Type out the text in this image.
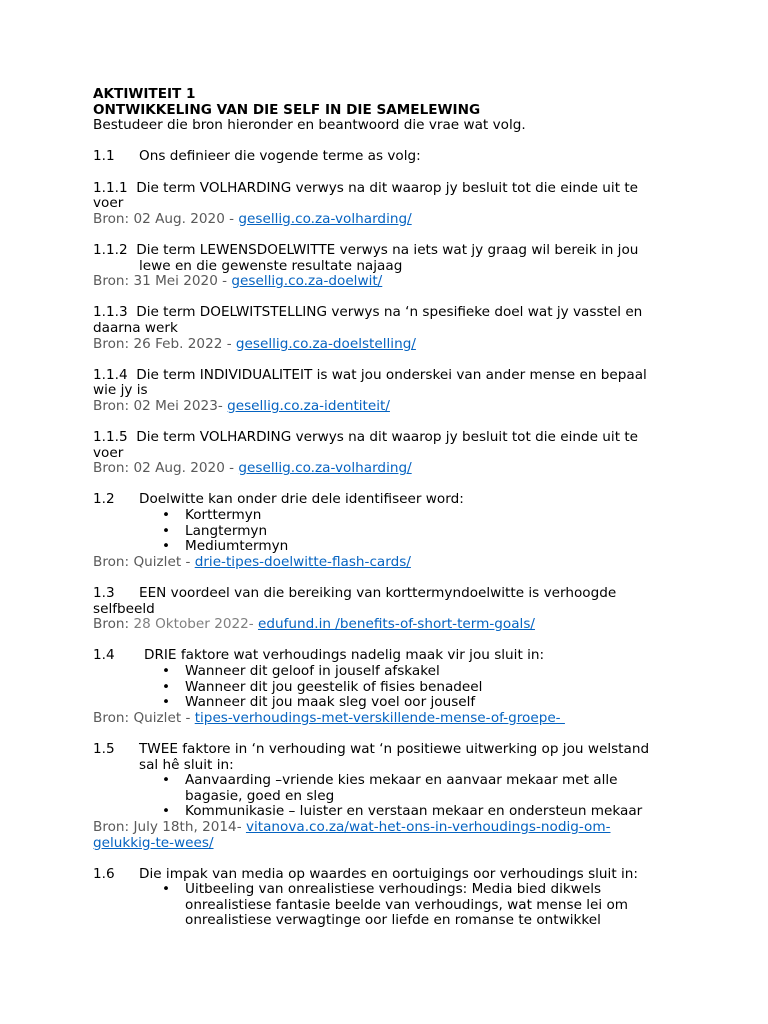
AKTIWITEIT 1
ONTWIKKELING VAN DIE SELF IN DIE SAMELEWING
Bestudeer die bron hieronder en beantwoord die vrae wat volg.
1.1	Ons definieer die vogende terme as volg:
1.1.1 Die term VOLHARDING verwys na dit waarop jy besluit tot die einde uit te
voer
Bron: 02 Aug. 2020 - gesellig.co.za-volharding/
1.1.2 Die term LEWENSDOELWITTE verwys na iets wat jy graag wil bereik in jou
lewe en die gewenste resultate najaag
Bron: 31 Mei 2020 - gesellig.co.za-doelwit/
1.1.3 Die term DOELWITSTELLING verwys na ‘n spesifieke doel wat jy vasstel en
daarna werk
Bron: 26 Feb. 2022 - gesellig.co.za-doelstelling/
1.1.4 Die term INDIVIDUALITEIT is wat jou onderskei van ander mense en bepaal
wie jy is
Bron: 02 Mei 2023- gesellig.co.za-identiteit/
1.1.5 Die term VOLHARDING verwys na dit waarop jy besluit tot die einde uit te
voer
Bron: 02 Aug. 2020 - gesellig.co.za-volharding/
1.2	Doelwitte kan onder drie dele identifiseer word:
• Korttermyn
• Langtermyn
• Mediumtermyn
Bron: Quizlet - drie-tipes-doelwitte-flash-cards/
1.3	EEN voordeel van die bereiking van korttermyndoelwitte is verhoogde
selfbeeld
Bron: 28 Oktober 2022- edufund.in /benefits-of-short-term-goals/
1.4	DRIE faktore wat verhoudings nadelig maak vir jou sluit in:
• Wanneer dit geloof in jouself afskakel
• Wanneer dit jou geestelik of fisies benadeel
• Wanneer dit jou maak sleg voel oor jouself
Bron: Quizlet - tipes-verhoudings-met-verskillende-mense-of-groepe-
1.5	TWEE faktore in ‘n verhouding wat ‘n positiewe uitwerking op jou welstand
sal hê sluit in:
• Aanvaarding –vriende kies mekaar en aanvaar mekaar met alle
bagasie, goed en sleg
• Kommunikasie – luister en verstaan mekaar en ondersteun mekaar
Bron: July 18th, 2014- vitanova.co.za/wat-het-ons-in-verhoudings-nodig-om-
gelukkig-te-wees/
1.6	Die impak van media op waardes en oortuigings oor verhoudings sluit in:
• Uitbeeling van onrealistiese verhoudings: Media bied dikwels
onrealistiese fantasie beelde van verhoudings, wat mense lei om
onrealistiese verwagtinge oor liefde en romanse te ontwikkel
